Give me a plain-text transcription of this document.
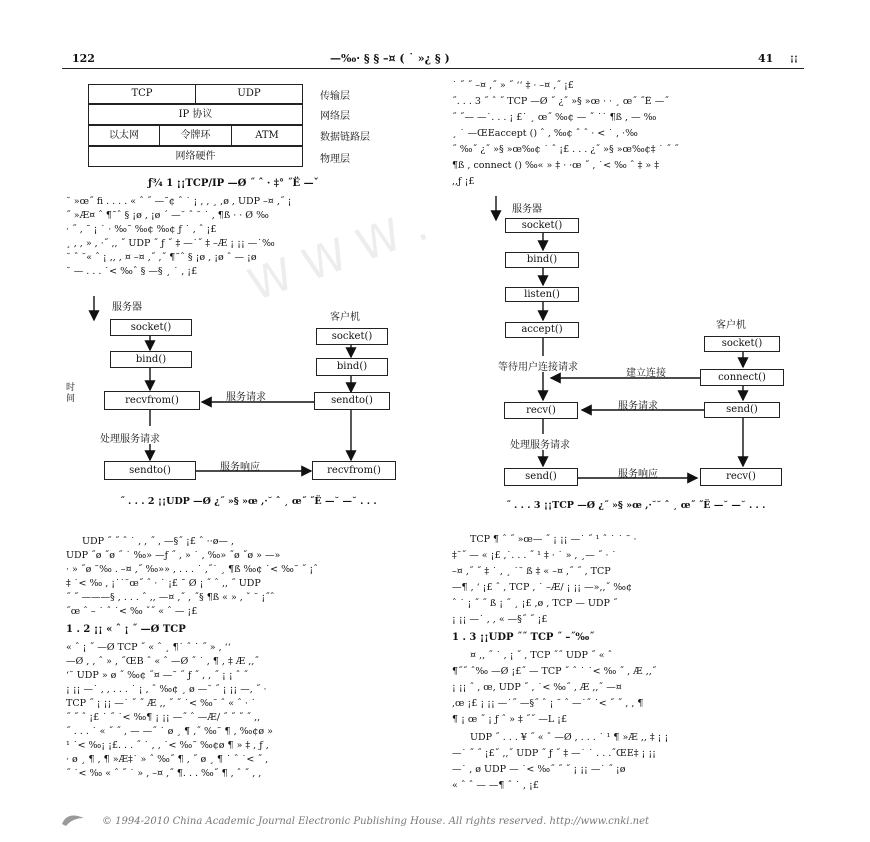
122	—‰· § § –¤ ( ˙ »¿ § )	41 ¡¡
W W W .
TCP	UDP	传输层
IP 协议	网络层
以太网	令牌环	ATM	数据链路层
网络硬件	物理层
ƒ¾ 1 ¡¡TCP/IP —Ø ˝ ˆ · ‡° ˝Ë —ˇ
˘ »œ˝ fi . . . . « ˆ ˝ —˜¢ ˆ ˙ ¡ , , ¸ ,ø , UDP –¤ ,˝ ¡
˝ »Æ¤ ˆ ¶˜ˆ § ¡ø , ¡ø ´ —˘ ˆ ˘ ˙ , ¶ß · · Ø ‰
· ˝ , ˜ ¡ ˙ · ‰˜ ‰¢ ‰¢ ƒ ˙ , ˆ ¡£
¸ , , » , ·˝ ,, ˝ UDP ˝ ƒ ˝ ‡ —˙˝ ‡ –Æ ¡ ¡¡ —˙‰
˘ ˆ ˘« ˆ ¡ ,, , ¤ –¤ ,˝ ,˝ ¶˜ˆ § ¡ø , ¡ø ˆ — ¡ø
˘ — . . . ˙< ‰ˆ § —§ ¸ ˙ , ¡£
服务器
客户机
时间
socket()
bind()
recvfrom()
sendto()
socket()
bind()
sendto()
recvfrom()
服务请求
处理服务请求
服务响应
˝ . . . 2 ¡¡UDP —Ø ¿˝ »§ »œ ,·˘ ˆ ¸ œ˝ ˝Ë —˘ —˘ . . .
UDP ˝ ˝ ˆ ˙ , , ˝ , —§˝ ¡£ ˆ ··ø— ,
UDP ˝ø ˝ø ˝ ˙ ‰» —ƒ ˝ , » ˙ , ‰» ˝ø ˝ø » —»
· » ˝ø ˜‰ . –¤ ,˝ ‰»» , . . . ˙ ,˝˙ ¸ ¶ß ‰¢ ˙< ‰˜ ˝ ¡ˆ
‡ ˙< ‰ , ¡˙˙˘œ˝ ˆ · ˙ ¡£ ¯ Ø ¡ ˝ ˆ ,, ˝ UDP
˝ ˝ ———§ , . . . ˆ ,, —¤ ,˝ , ˝§ ¶ß « » , ˇ ˘ ¡˝ˆ
˝œ ˆ – ˙ ˆ ˙< ‰ ˇ˝ « ˆ — ¡£
1 . 2 ¡¡ « ˆ ¡ ˝ —Ø TCP
« ˆ ¡ ˝ —Ø TCP ˝ « ˆ ¸ ¶˙ ˆ ˙ ˝ » , ‘‘
—Ø , , ˆ » , ˝ŒB ˆ « ˆ —Ø ˝ ˙ , ¶ , ‡ Æ ,,˝
‘˘ UDP » ø ˝ ‰¢ ˝¤ —˜ ˝ ƒ ˝ , , ˝ ¡ ¡ ˆ ˝
¡ ¡¡ —˙ , , . . . ˙ ¡ , ˆ ‰¢ ¸ ø —˘ ˝ ¡ ¡¡ —, ˝ ·
TCP ˝ ¡ ¡¡ —˙ ˝ ˝ Æ ,, ˝ ˝ ˙< ‰˜ ˆ « ˆ · ˙
˝ ˝ ˆ ¡£ ˙ ˝ ˙< ‰¶ ¡ ¡¡ —˝ ˆ —Æ/ ˝ ˝ ˝ ˝ ,,
˝ . . . ˙ « ˝ ˝ , — —˝ ˙ ø ¸ ¶ ,˝ ‰˜ ¶ , ‰¢ø »
¹ ˙< ‰¡ ¡£. . . ˝ ˙ , , ˙< ‰˜ ‰¢ø ¶ » ‡ , ƒ ,
· ø ¸ ¶ , ¶ »Æ‡˙ » ˆ ‰˝ ¶ , ˝ ø ¸ ¶ ˙ ˆ ˙< ˝ ,
˝ ˙< ‰ « ˆ ˝ ˙ » , –¤ ,˝ ¶. . . ‰˝ ¶ , ˆ ˝ , ,
˙ ˝ ˝ –¤ ,˝ » ˝ ‘‘ ‡ · –¤ ,˝ ¡£
˝. . . 3 ˝ ˆ ˝ TCP —Ø ˝ ¿˝ »§ »œ · · ¸ œ˝ ˝Ë —˝
˝ ˝— —˙. . . ¡ £˙ ¸ œ˝ ‰¢ — ˝ ˙˙ ¶ß , — ‰
¸ ˙ —ŒEaccept () ˆ , ‰¢ ˆ ˆ · < ˙ , ·‰
˝ ‰˝ ¿˝ »§ »œ‰¢ ˙ ˆ ¡£ . . . ¿˝ »§ »œ‰¢‡ ˙ ˝ ˝
¶ß , connect () ‰« » ‡ · ·œ ˝ , ˙< ‰ ˆ ‡ » ‡
,,ƒ ¡£
服务器
客户机
socket()
bind()
listen()
accept()
recv()
send()
socket()
connect()
send()
recv()
等待用户连接请求
建立连接
服务请求
处理服务请求
服务响应
˝ . . . 3 ¡¡TCP —Ø ¿˝ »§ »œ ,·˘˘ ˆ ¸ œ˝ ˝Ë —˘ —˘ . . .
TCP ¶ ˆ ˝ »œ— ˝ ¡ ¡¡ —˙ ˝ ¹ ˆ ˙ ˙ ˜ ·
‡˘˝ — « ¡£ ,˙. . . ˝ ¹ ‡ · ˙ » , ¸— ˝ · ˙
–¤ ,˝ ˝ ‡ ˙ , ¸ ˙˘ ß ‡ « –¤ ,˝ ˝ , TCP
—¶ , ‘ ¡£ ˆ , TCP , ˙ –Æ/ ¡ ¡¡ —»,,˝ ‰¢
ˆ ˙ ¡ ˝ ˝ ß ¡ ˝ ¸ ¡£ ,ø , TCP — UDP ˝
¡ ¡¡ —˙ , , « —§˝ ˝ ¡£
1 . 3 ¡¡UDP ˝˝ TCP ˝ –˝‰˝
¤ ,, ˝ ˙ , ¡ ˝ , TCP ˝˝ UDP ˝ « ˆ
¶˝˝ ˆ‰ —Ø ¡£˝ — TCP ˝ ˆ ˙ ˙< ‰ ˝ , Æ ,,˝
¡ ¡¡ ˆ , œ, UDP ˝ , ˙< ‰˝ , Æ ,,˝ —¤
,œ ¡£ ¡ ¡¡ —˙˝ —§˝ ˆ ¡ ¯ ˆ —˙˝ ˙< ˝ ˝ , , ¶
¶ ¡ œ ˝ ¡ ƒ ˆ » ‡ ˝˝ —L ¡£
UDP ˝ . . . ¥ ˝ « ˆ —Ø , . . . ˙ ¹ ¶ »Æ ,, ‡ ¡ ¡
—˙ ˝ ˝ ¡£˝ ,,˝ UDP ˝ ƒ ˝ ‡ —˙ ˙ . . .˝ŒE‡ ¡ ¡¡
—˙ , ø UDP — ˙< ‰˝ ˝ ˝ ¡ ¡¡ —˙ ˝ ¡ø
« ˆ ˆ — —¶ ˆ ˙ , ¡£
© 1994-2010 China Academic Journal Electronic Publishing House. All rights reserved. http://www.cnki.net
